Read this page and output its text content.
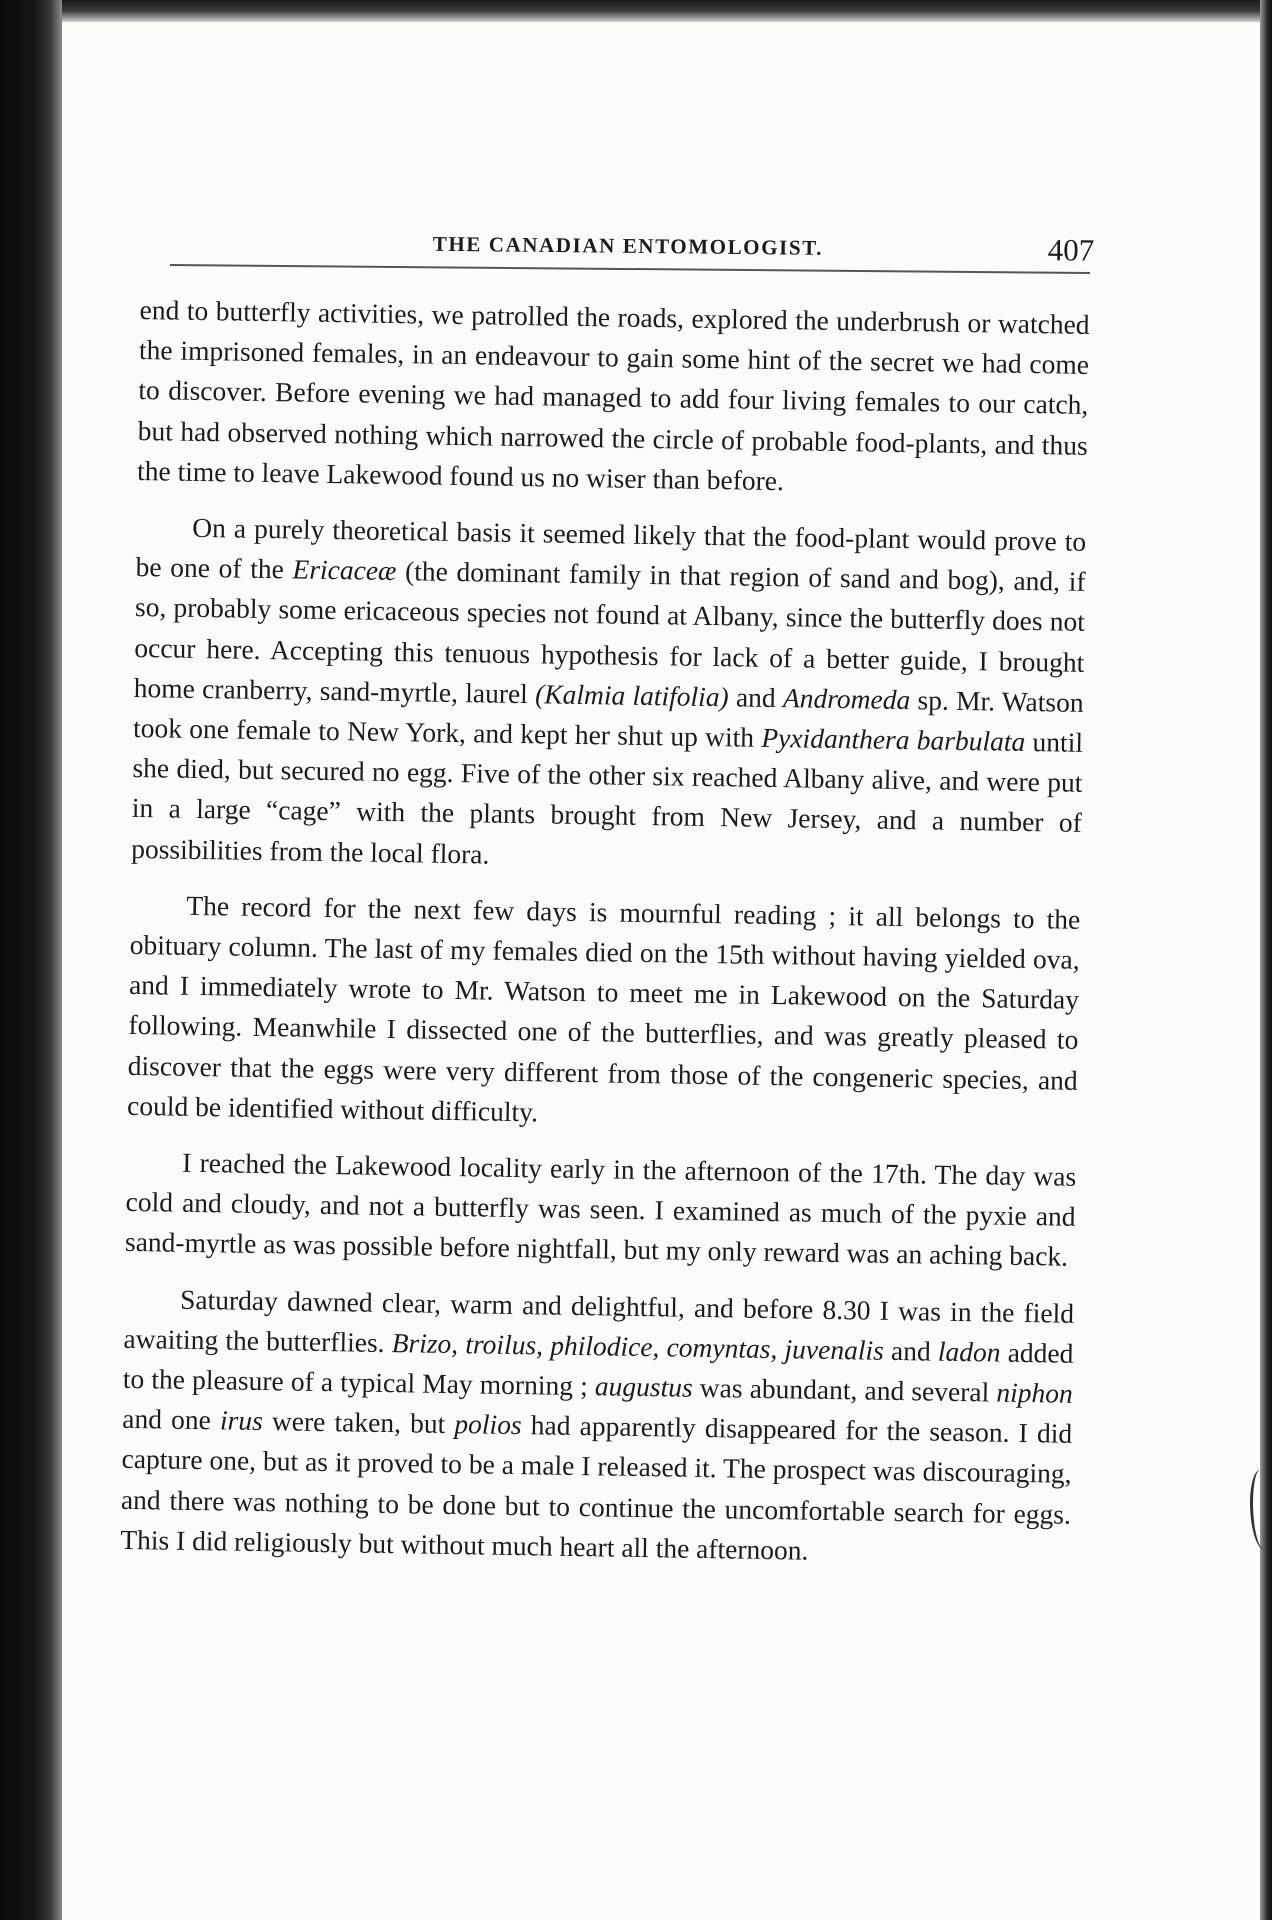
THE CANADIAN ENTOMOLOGIST.	407

end to butterfly activities, we patrolled the roads, explored the underbrush or watched the imprisoned females, in an endeavour to gain some hint of the secret we had come to discover. Before evening we had managed to add four living females to our catch, but had observed nothing which narrowed the circle of probable food-plants, and thus the time to leave Lakewood found us no wiser than before.

On a purely theoretical basis it seemed likely that the food-plant would prove to be one of the Ericaceæ (the dominant family in that region of sand and bog), and, if so, probably some ericaceous species not found at Albany, since the butterfly does not occur here. Accepting this tenuous hypothesis for lack of a better guide, I brought home cranberry, sand-myrtle, laurel (Kalmia latifolia) and Andromeda sp. Mr. Watson took one female to New York, and kept her shut up with Pyxidanthera barbulata until she died, but secured no egg. Five of the other six reached Albany alive, and were put in a large “cage” with the plants brought from New Jersey, and a number of possibilities from the local flora.

The record for the next few days is mournful reading ; it all belongs to the obituary column. The last of my females died on the 15th without having yielded ova, and I immediately wrote to Mr. Watson to meet me in Lakewood on the Saturday following. Meanwhile I dissected one of the butterflies, and was greatly pleased to discover that the eggs were very different from those of the congeneric species, and could be identified without difficulty.

I reached the Lakewood locality early in the afternoon of the 17th. The day was cold and cloudy, and not a butterfly was seen. I examined as much of the pyxie and sand-myrtle as was possible before nightfall, but my only reward was an aching back.

Saturday dawned clear, warm and delightful, and before 8.30 I was in the field awaiting the butterflies. Brizo, troilus, philodice, comyntas, juvenalis and ladon added to the pleasure of a typical May morning ; augustus was abundant, and several niphon and one irus were taken, but polios had apparently disappeared for the season. I did capture one, but as it proved to be a male I released it. The prospect was discouraging, and there was nothing to be done but to continue the uncomfortable search for eggs. This I did religiously but without much heart all the afternoon.
